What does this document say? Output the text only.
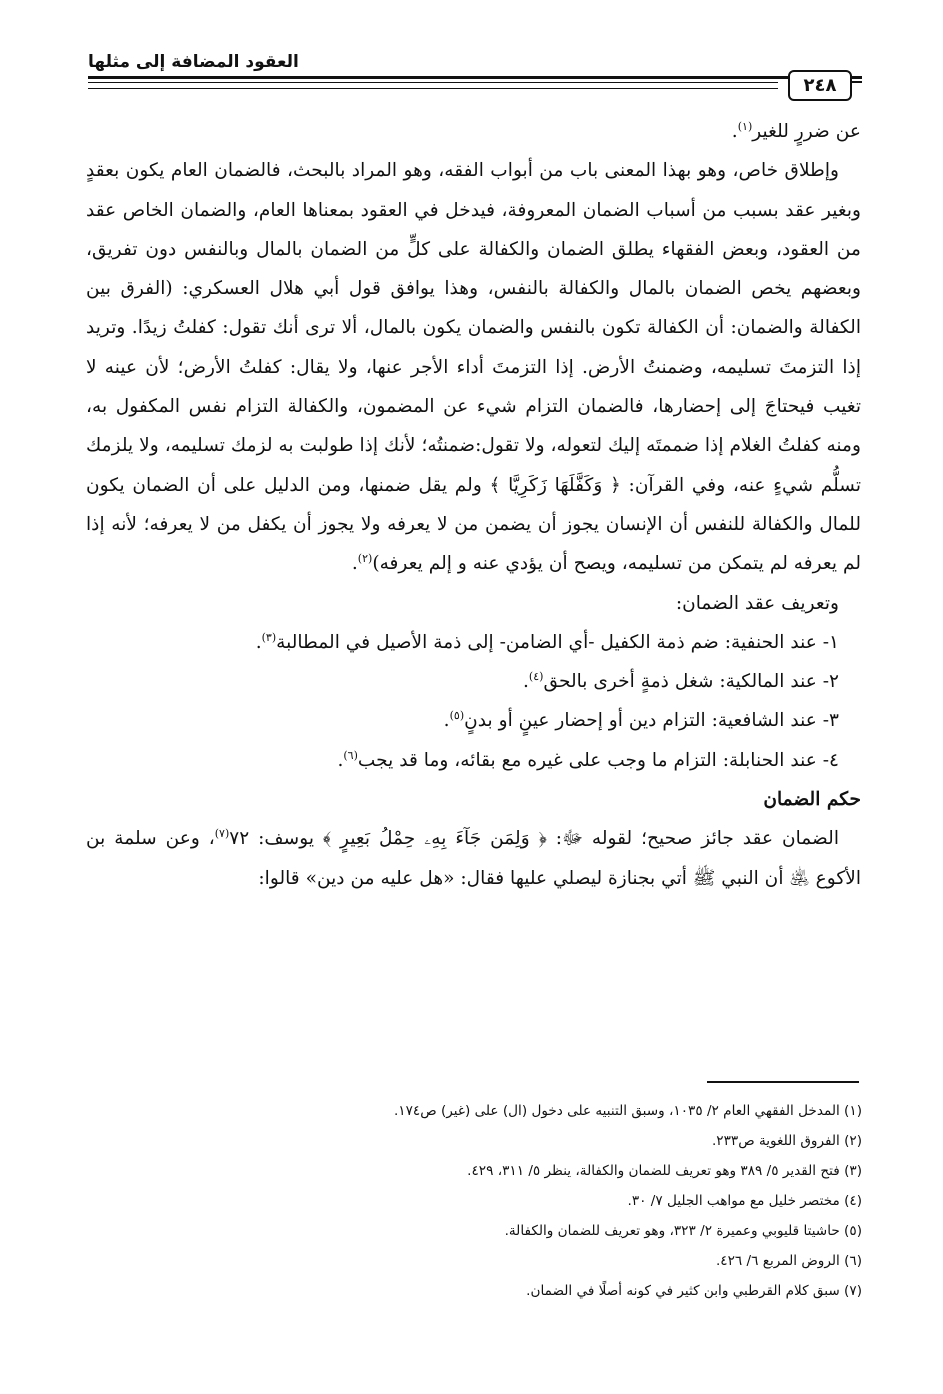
العقود المضافة إلى مثلها
٢٤٨

عن ضررٍ للغير$^{(١)}$.

وإطلاق خاص، وهو بهذا المعنى باب من أبواب الفقه، وهو المراد بالبحث، فالضمان العام يكون بعقدٍ وبغير عقد بسبب من أسباب الضمان المعروفة، فيدخل في العقود بمعناها العام، والضمان الخاص عقد من العقود، وبعض الفقهاء يطلق الضمان والكفالة على كلٍّ من الضمان بالمال وبالنفس دون تفريق، وبعضهم يخص الضمان بالمال والكفالة بالنفس، وهذا يوافق قول أبي هلال العسكري: (الفرق بين الكفالة والضمان: أن الكفالة تكون بالنفس والضمان يكون بالمال، ألا ترى أنك تقول: كفلتُ زيدًا. وتريد إذا التزمتَ تسليمه، وضمنتُ الأرض. إذا التزمتَ أداء الأجر عنها، ولا يقال: كفلتُ الأرض؛ لأن عينه لا تغيب فيحتاجَ إلى إحضارها، فالضمان التزام شيء عن المضمون، والكفالة التزام نفس المكفول به، ومنه كفلتُ الغلام إذا ضممتَه إليك لتعوله، ولا تقول:ضمنتُه؛ لأنك إذا طولبت به لزمك تسليمه، ولا يلزمك تسلُّم شيءٍ عنه، وفي القرآن: ﴿ وَكَفَّلَهَا زَكَرِيَّا ﴾ ولم يقل ضمنها، ومن الدليل على أن الضمان يكون للمال والكفالة للنفس أن الإنسان يجوز أن يضمن من لا يعرفه ولا يجوز أن يكفل من لا يعرفه؛ لأنه إذا لم يعرفه لم يتمكن من تسليمه، ويصح أن يؤدي عنه و إلم يعرفه)$^{(٢)}$.

وتعريف عقد الضمان:

١- عند الحنفية: ضم ذمة الكفيل -أي الضامن- إلى ذمة الأصيل في المطالبة$^{(٣)}$.

٢- عند المالكية: شغل ذمةٍ أخرى بالحق$^{(٤)}$.

٣- عند الشافعية: التزام دين أو إحضار عينٍ أو بدنٍ$^{(٥)}$.

٤- عند الحنابلة: التزام ما وجب على غيره مع بقائه، وما قد يجب$^{(٦)}$.

حكم الضمان

الضمان عقد جائز صحيح؛ لقوله ﷻ: ﴿ وَلِمَن جَآءَ بِهِۦ حِمْلُ بَعِيرٍ ﴾ يوسف: ٧٢$^{(٧)}$، وعن سلمة بن الأكوع ﵁ أن النبي ﷺ أتي بجنازة ليصلي عليها فقال: «هل عليه من دين» قالوا:

(١) المدخل الفقهي العام ٢/ ١٠٣٥، وسبق التنبيه على دخول (ال) على (غير) ص١٧٤.
(٢) الفروق اللغوية ص٢٣٣.
(٣) فتح القدير ٥/ ٣٨٩ وهو تعريف للضمان والكفالة، ينظر ٥/ ٣١١، ٤٢٩.
(٤) مختصر خليل مع مواهب الجليل ٧/ ٣٠.
(٥) حاشيتا قليوبي وعميرة ٢/ ٣٢٣، وهو تعريف للضمان والكفالة.
(٦) الروض المربع ٦/ ٤٢٦.
(٧) سبق كلام القرطبي وابن كثير في كونه أصلًا في الضمان.
